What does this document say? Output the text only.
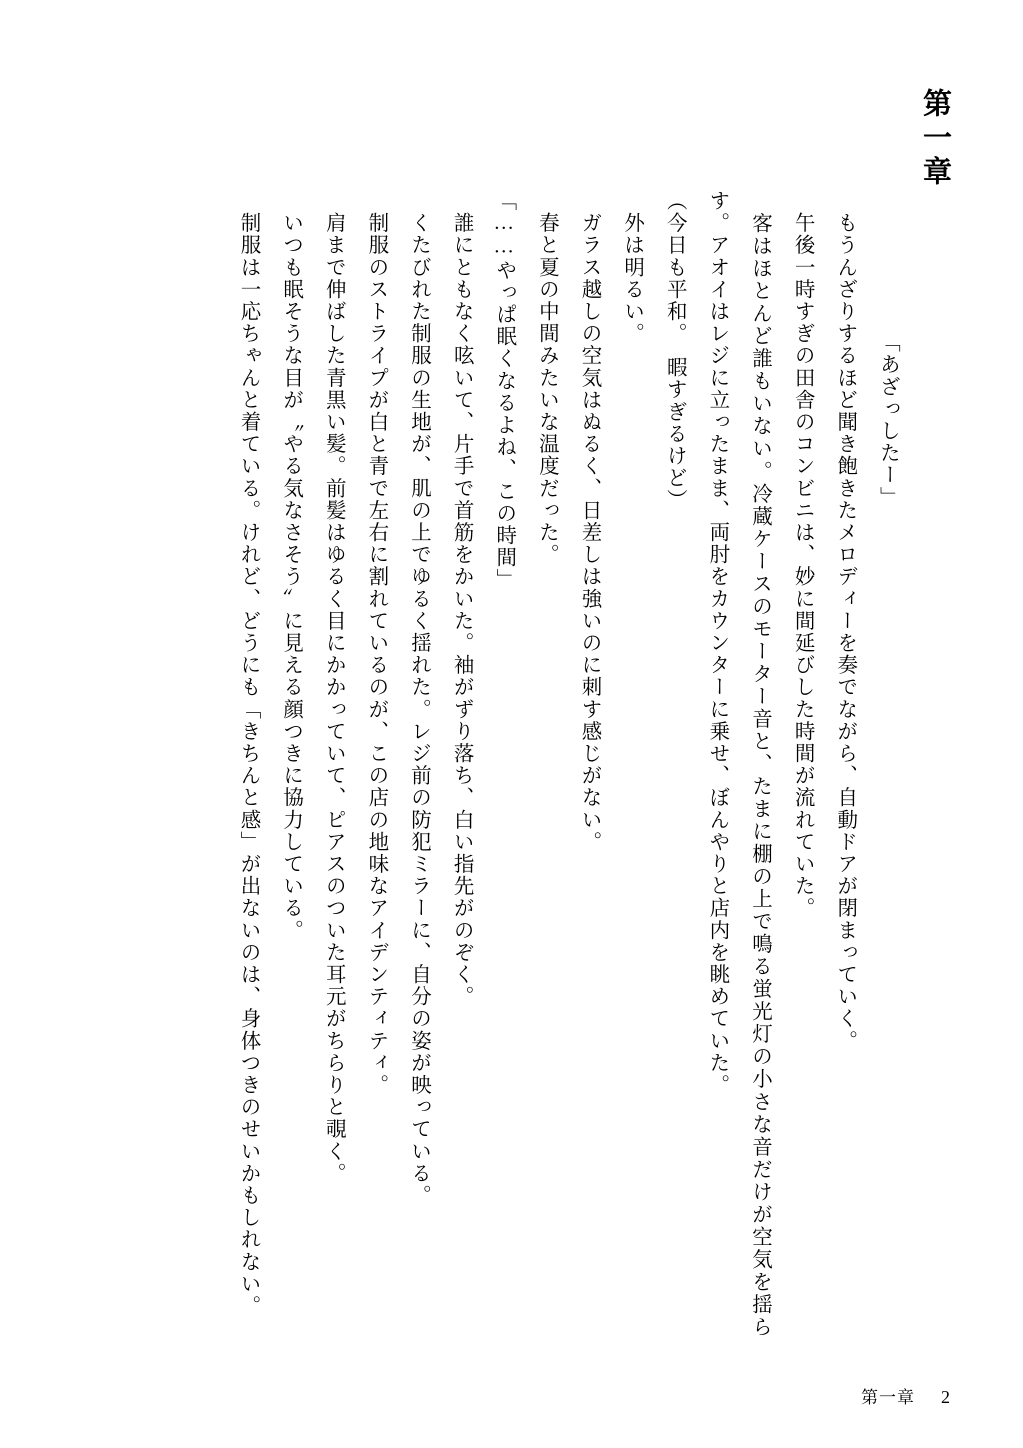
第一章

「あざっしたー」
　もうんざりするほど聞き飽きたメロディーを奏でながら、自動ドアが閉まっていく。
　午後一時すぎの田舎のコンビニは、妙に間延びした時間が流れていた。
　客はほとんど誰もいない。冷蔵ケースのモーター音と、たまに棚の上で鳴る蛍光灯の小さな音だけが空気を揺らす。アオイはレジに立ったまま、両肘をカウンターに乗せ、ぼんやりと店内を眺めていた。
（今日も平和。　暇すぎるけど）
　外は明るい。
　ガラス越しの空気はぬるく、日差しは強いのに刺す感じがない。
　春と夏の中間みたいな温度だった。
「……やっぱ眠くなるよね、この時間」
　誰にともなく呟いて、片手で首筋をかいた。袖がずり落ち、白い指先がのぞく。
　くたびれた制服の生地が、肌の上でゆるく揺れた。レジ前の防犯ミラーに、自分の姿が映っている。
　制服のストライプが白と青で左右に割れているのが、この店の地味なアイデンティティ。
　肩まで伸ばした青黒い髪。前髪はゆるく目にかかっていて、ピアスのついた耳元がちらりと覗く。
　いつも眠そうな目が〝やる気なさそう〟に見える顔つきに協力している。
　制服は一応ちゃんと着ている。けれど、どうにも「きちんと感」が出ないのは、身体つきのせいかもしれない。

第一章 2
